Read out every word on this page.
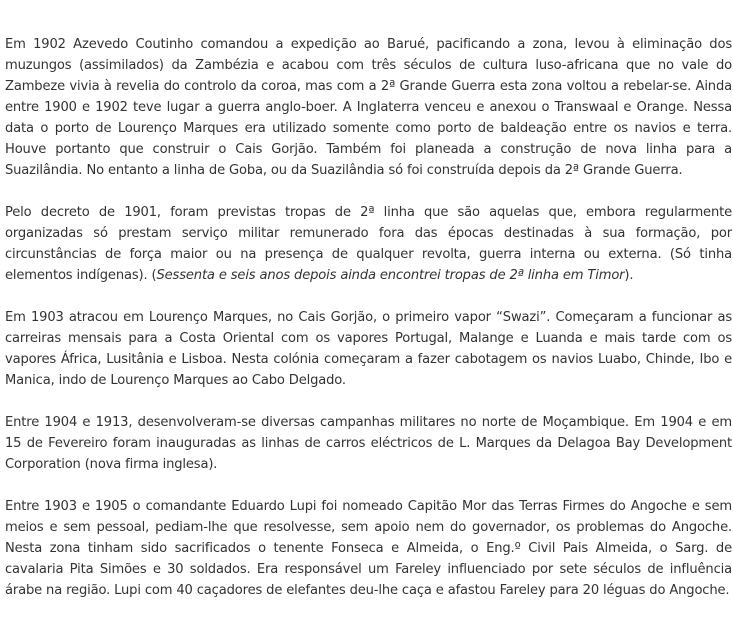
Em 1902 Azevedo Coutinho comandou a expedição ao Barué, pacificando a zona, levou à eliminação dos muzungos (assimilados) da Zambézia e acabou com três séculos de cultura luso-africana que no vale do Zambeze vivia à revelia do controlo da coroa, mas com a 2ª Grande Guerra esta zona voltou a rebelar-se. Ainda entre 1900 e 1902 teve lugar a guerra anglo-boer. A Inglaterra venceu e anexou o Transwaal e Orange. Nessa data o porto de Lourenço Marques era utilizado somente como porto de baldeação entre os navios e terra. Houve portanto que construir o Cais Gorjão. Também foi planeada a construção de nova linha para a Suazilândia. No entanto a linha de Goba, ou da Suazilândia só foi construída depois da 2ª Grande Guerra.

Pelo decreto de 1901, foram previstas tropas de 2ª linha que são aquelas que, embora regularmente organizadas só prestam serviço militar remunerado fora das épocas destinadas à sua formação, por circunstâncias de força maior ou na presença de qualquer revolta, guerra interna ou externa. (Só tinha elementos indígenas). (Sessenta e seis anos depois ainda encontrei tropas de 2ª linha em Timor).

Em 1903 atracou em Lourenço Marques, no Cais Gorjão, o primeiro vapor “Swazi”. Começaram a funcionar as carreiras mensais para a Costa Oriental com os vapores Portugal, Malange e Luanda e mais tarde com os vapores África, Lusitânia e Lisboa. Nesta colónia começaram a fazer cabotagem os navios Luabo, Chinde, Ibo e Manica, indo de Lourenço Marques ao Cabo Delgado.

Entre 1904 e 1913, desenvolveram-se diversas campanhas militares no norte de Moçambique. Em 1904 e em 15 de Fevereiro foram inauguradas as linhas de carros eléctricos de L. Marques da Delagoa Bay Development Corporation (nova firma inglesa).

Entre 1903 e 1905 o comandante Eduardo Lupi foi nomeado Capitão Mor das Terras Firmes do Angoche e sem meios e sem pessoal, pediam-lhe que resolvesse, sem apoio nem do governador, os problemas do Angoche. Nesta zona tinham sido sacrificados o tenente Fonseca e Almeida, o Eng.º Civil Pais Almeida, o Sarg. de cavalaria Pita Simões e 30 soldados. Era responsável um Fareley influenciado por sete séculos de influência árabe na região. Lupi com 40 caçadores de elefantes deu-lhe caça e afastou Fareley para 20 léguas do Angoche.
